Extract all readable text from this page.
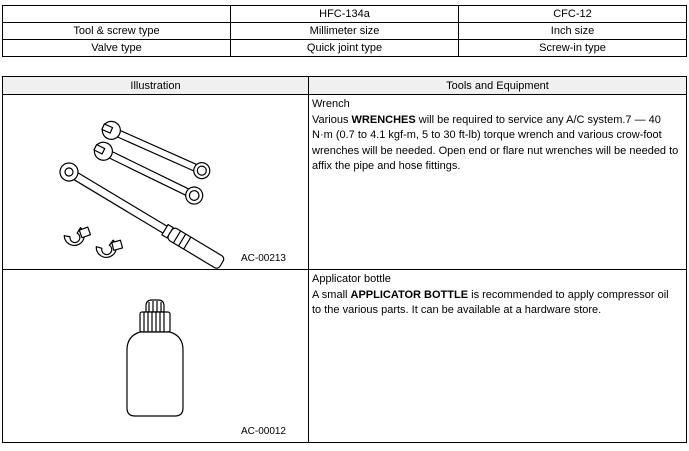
	HFC-134a	CFC-12
Tool & screw type	Millimeter size	Inch size
Valve type	Quick joint type	Screw-in type
Illustration	Tools and Equipment

AC-00213	Wrench
Various WRENCHES will be required to service any A/C system.7 — 40 N·m (0.7 to 4.1 kgf-m, 5 to 30 ft-lb) torque wrench and various crow-foot wrenches will be needed. Open end or flare nut wrenches will be needed to affix the pipe and hose fittings.

AC-00012	Applicator bottle
A small APPLICATOR BOTTLE is recommended to apply compressor oil to the various parts. It can be available at a hardware store.
